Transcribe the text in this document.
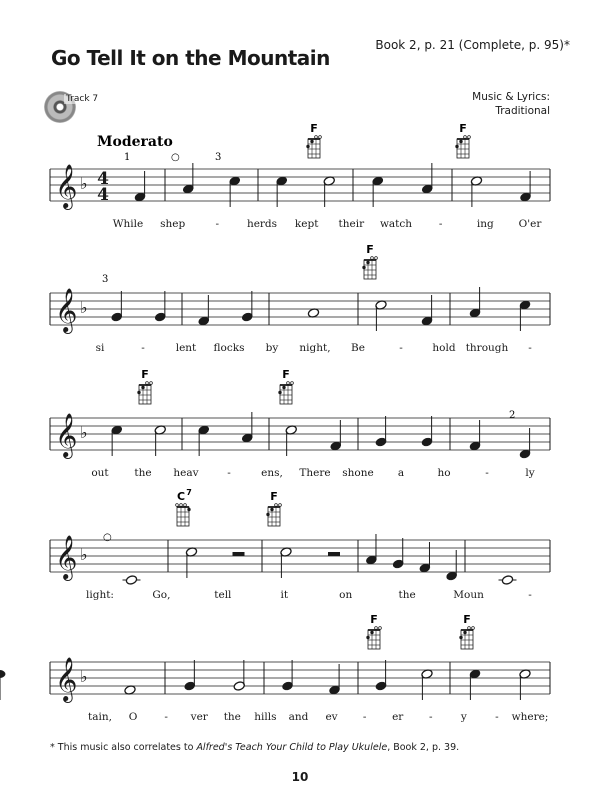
Go Tell It on the Mountain
Book 2, p. 21 (Complete, p. 95)*
Track 7	Music & Lyrics:
Traditional
Moderato
1	○	3
3
2
○
F	F
F
F	F
C 7	F
F	F
𝄞 ♭ 4
4
𝄞 ♭
𝄞 ♭
𝄞 ♭
𝄞 ♭
While shep	-	herds kept their watch	-	ing O'er
si	-	lent flocks by night, Be	-	hold through -
out the heav	-	ens, There shone a	ho	-	ly
light:	Go,	tell	it	on	the	Moun	-
tain, O	- ver the hills and ev - er -	y	- where;
* This music also correlates to Alfred's Teach Your Child to Play Ukulele, Book 2, p. 39.
10
